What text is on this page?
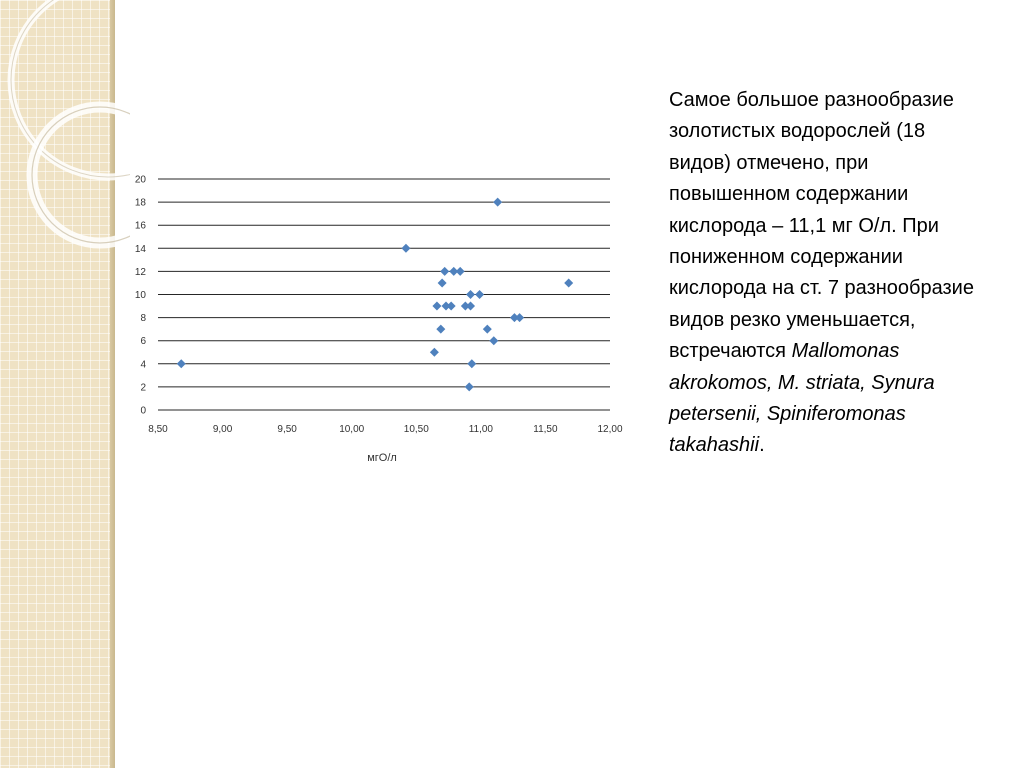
0
2
4
6
8
10
12
14
16
18
20
8,50	9,00	9,50	10,00	10,50	11,00	11,50	12,00
мгО/л

Самое большое разнообразие золотистых водорослей (18 видов) отмечено, при повышенном содержании кислорода – 11,1 мг О/л. При пониженном содержании кислорода на ст. 7 разнообразие видов резко уменьшается, встречаются Mallomonas akrokomos, M. striata, Synura petersenii, Spiniferomonas takahashii.
